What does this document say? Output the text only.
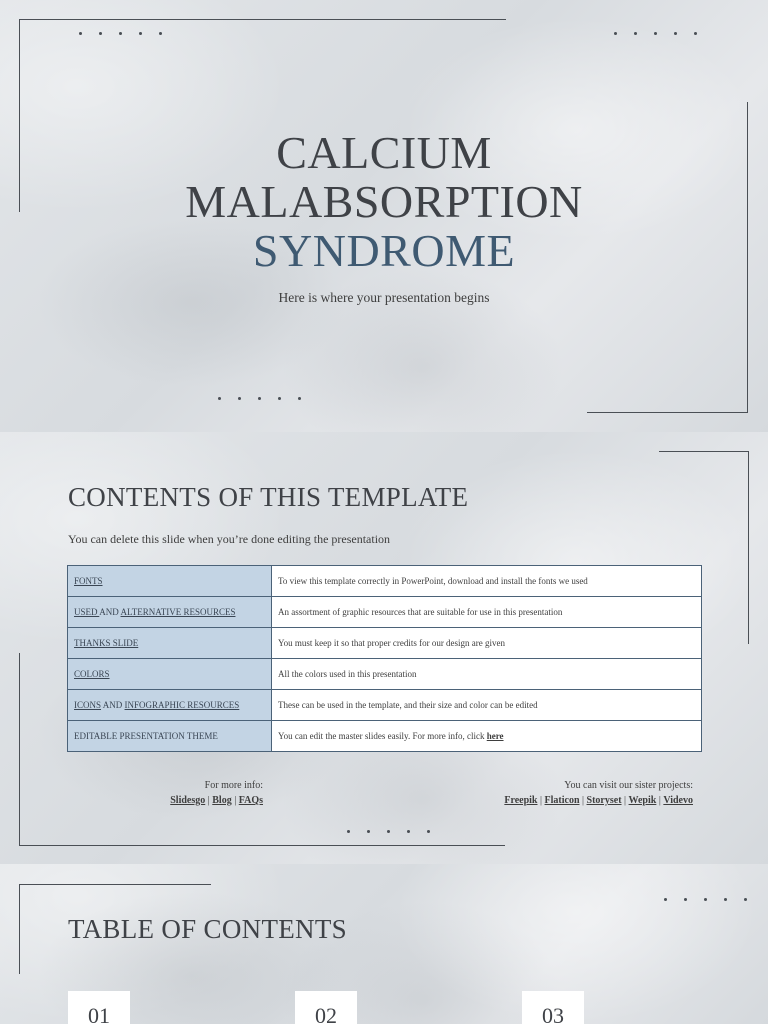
CALCIUM
MALABSORPTION
SYNDROME
Here is where your presentation begins
CONTENTS OF THIS TEMPLATE
You can delete this slide when you’re done editing the presentation
FONTS	To view this template correctly in PowerPoint, download and install the fonts we used
USED AND ALTERNATIVE RESOURCES	An assortment of graphic resources that are suitable for use in this presentation
THANKS SLIDE	You must keep it so that proper credits for our design are given
COLORS	All the colors used in this presentation
ICONS AND INFOGRAPHIC RESOURCES	These can be used in the template, and their size and color can be edited
EDITABLE PRESENTATION THEME	You can edit the master slides easily. For more info, click here
For more info:
Slidesgo | Blog | FAQs
You can visit our sister projects:
Freepik | Flaticon | Storyset | Wepik | Videvo
TABLE OF CONTENTS
01	02	03
